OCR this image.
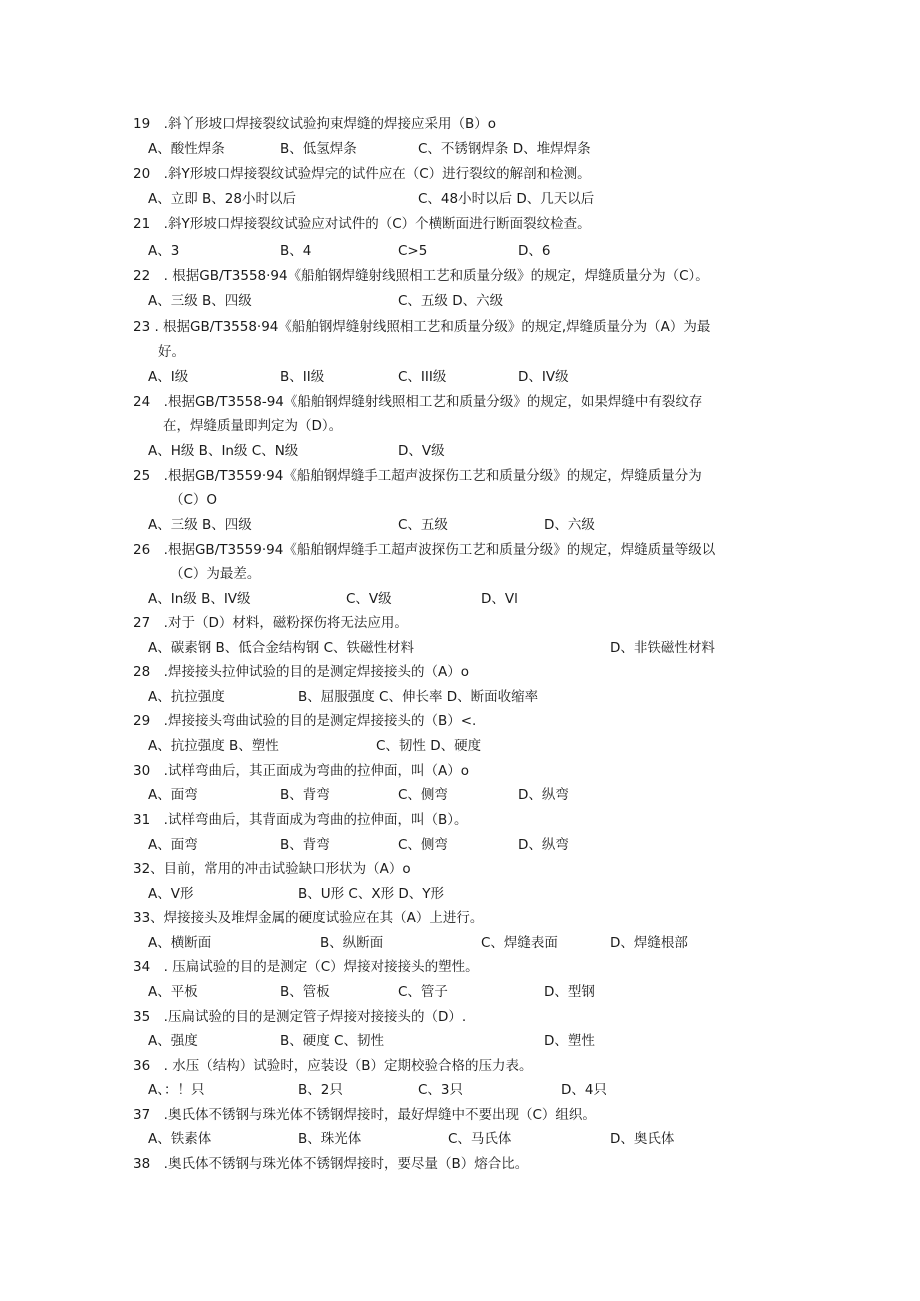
19　.斜丫形坡口焊接裂纹试验拘束焊缝的焊接应采用（B）o
A、酸性焊条	B、低氢焊条	C、不锈钢焊条 D、堆焊焊条
20　.斜Y形坡口焊接裂纹试验焊完的试件应在（C）进行裂纹的解剖和检测。
A、立即 B、28小时以后	C、48小时以后 D、几天以后
21　.斜Y形坡口焊接裂纹试验应对试件的（C）个横断面进行断面裂纹检查。
A、3	B、4	C>5	D、6
22　. 根据GB/T3558·94《船舶钢焊缝射线照相工艺和质量分级》的规定，焊缝质量分为（C）。
A、三级 B、四级	C、五级 D、六级
23 . 根据GB/T3558·94《船舶钢焊缝射线照相工艺和质量分级》的规定,焊缝质量分为（A）为最
好。
A、I级	B、II级	C、III级	D、IV级
24　.根据GB/T3558-94《船舶钢焊缝射线照相工艺和质量分级》的规定，如果焊缝中有裂纹存
在，焊缝质量即判定为（D）。
A、H级 B、In级 C、N级	D、V级
25　.根据GB/T3559·94《船舶钢焊缝手工超声波探伤工艺和质量分级》的规定，焊缝质量分为
（C）O
A、三级 B、四级	C、五级	D、六级
26　.根据GB/T3559·94《船舶钢焊缝手工超声波探伤工艺和质量分级》的规定，焊缝质量等级以
（C）为最差。
A、In级 B、IV级	C、V级	D、Vl
27　.对于（D）材料，磁粉探伤将无法应用。
A、碳素钢 B、低合金结构钢 C、铁磁性材料	D、非铁磁性材料
28　.焊接接头拉伸试验的目的是测定焊接接头的（A）o
A、抗拉强度	B、屈服强度 C、伸长率 D、断面收缩率
29　.焊接接头弯曲试验的目的是测定焊接接头的（B）<.
A、抗拉强度 B、塑性	C、韧性 D、硬度
30　.试样弯曲后，其正面成为弯曲的拉伸面，叫（A）o
A、面弯	B、背弯	C、侧弯	D、纵弯
31　.试样弯曲后，其背面成为弯曲的拉伸面，叫（B）。
A、面弯	B、背弯	C、侧弯	D、纵弯
32、目前，常用的冲击试验缺口形状为（A）o
A、V形	B、U形 C、X形 D、Y形
33、焊接接头及堆焊金属的硬度试验应在其（A）上进行。
A、横断面	B、纵断面	C、焊缝表面	D、焊缝根部
34　. 压扁试验的目的是测定（C）焊接对接接头的塑性。
A、平板	B、管板	C、管子	D、型钢
35　.压扁试验的目的是测定管子焊接对接接头的（D）.
A、强度	B、硬度 C、韧性	D、塑性
36　. 水压（结构）试验时，应装设（B）定期校验合格的压力表。
A、：！只	B、2只	C、3只	D、4只
37　.奥氏体不锈钢与珠光体不锈钢焊接时，最好焊缝中不要出现（C）组织。
A、铁素体	B、珠光体	C、马氏体	D、奥氏体
38　.奥氏体不锈钢与珠光体不锈钢焊接时，要尽量（B）熔合比。
